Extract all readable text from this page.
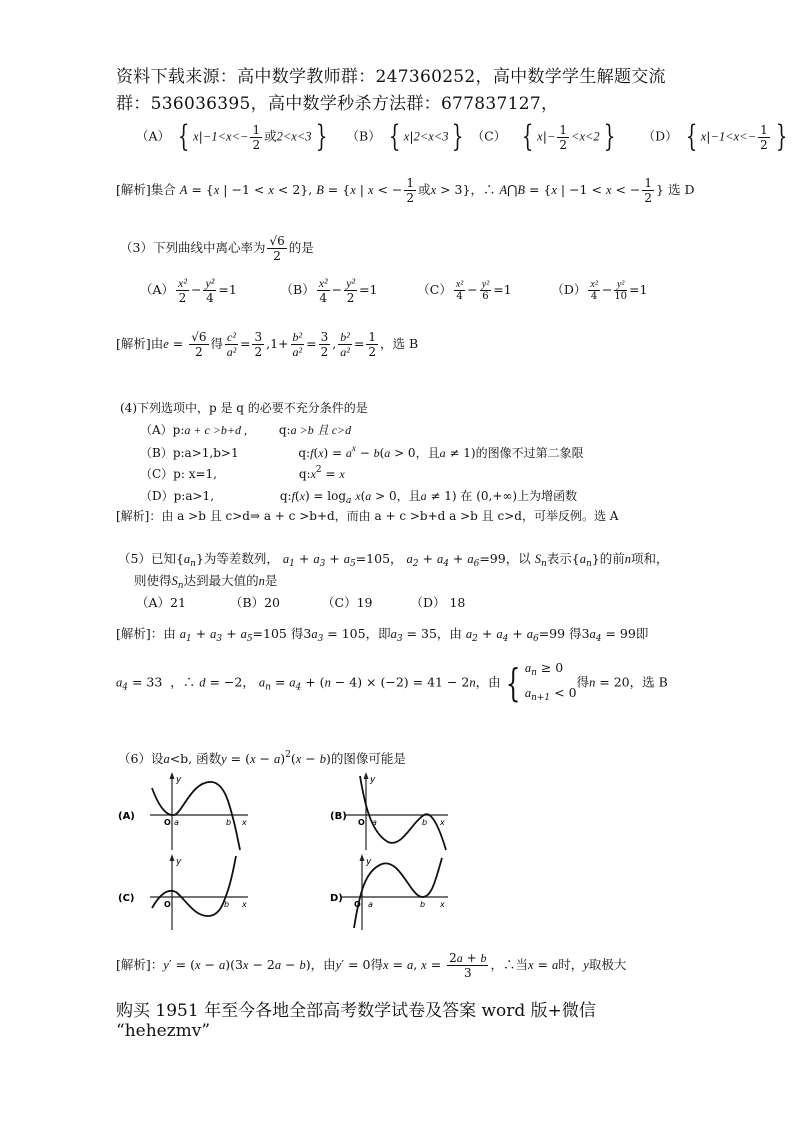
资料下载来源：高中数学教师群：247360252，高中数学学生解题交流
群：536036395，高中数学秒杀方法群：677837127，
（A） { $x|-1<x<- \frac{1}{2}$ 或2<x<3 } （B） { x|2<x<3 } （C） { $x|- \frac{1}{2} <x<2$ } （D） { $x|-1<x<- \frac{1}{2}$ }
[解析]集合 A = {x | −1 < x < 2}, B = {x | x < − $\frac{1}{2}$ 或x > 3}，∴ A⋂B = {x | −1 < x < − $\frac{1}{2}$ } 选 D
（3）下列曲线中离心率为 $\frac{√6}{2}$ 的是
$(A) \frac{\text{x²}}{2} - \frac{\text{y²}}{4} =1$           $(B) \frac{\text{x²}}{4} - \frac{\text{y²}}{2} =1$          $(C) \frac{\text{x²}}{4} - \frac{\text{y²}}{6} =1$          $(D) \frac{\text{x²}}{4} - \frac{\text{y²}}{10} =1$
[解析]由$e = \frac{√6}{2}$ 得 $\frac{\text{c²}}{\text{a²}} = \frac{3}{2} ,1+ \frac{\text{b²}}{\text{a²}} = \frac{3}{2}$ , $\frac{\text{b²}}{\text{a²}} = \frac{1}{2}$ ，选 B
(4)下列选项中，p 是 q 的必要不充分条件的是
（A）p:a + c >b+d ,	q:a >b 且 c>d
（B）p:a>1,b>1	q:f(x) = $a^x - b(a > 0$，且a ≠ 1)的图像不过第二象限
（C）p: x=1,	$q:x^2 = x$
（D）p:a>1,	q:f(x) = $\log_a x(a > 0$，且a ≠ 1) 在 (0,+∞)上为增函数
[解析]：由 a >b 且 c>d⇒ a + c >b+d，而由 a + c >b+d a >b 且 c>d，可举反例。选 A
（5）已知$\{a_n\}$为等差数列， $a_1 + a_3 + a_5=105$， $a_2 + a_4 + a_6=99$，以 $S_n$表示$\{a_n\}$的前n项和，
则使得$S_n$达到最大值的n是
（A）21	（B）20	（C）19	（D） 18
[解析]：由 $a_1 + a_3 + a_5=105$ 得$3a_3 = 105$，即$a_3 = 35$，由 $a_2 + a_4 + a_6=99$ 得$3a_4 = 99$即
$a_4 = 33$  ，∴ d = −2， $a_n = a_4 + (n - 4) \times (-2) = 41 - 2n$，由 { $a_n \ge 0$
$a_{n+1} < 0$
得n = 20，选 B
（6）设a<b, 函数$y = (x - a)^2(x - b)$的图像可能是
(A)
y
O a	b x
(B)
y
O a	b x
(C)
y
O	b x
D)
y
O a	b x
[解析]：y′ = (x − a)(3x − 2a − b)，由y′ = 0得x = a, $x = \frac{2a + b}{3}$ ，∴当x = a时，y取极大
购买 1951 年至今各地全部高考数学试卷及答案 word 版+微信
“hehezmv”
